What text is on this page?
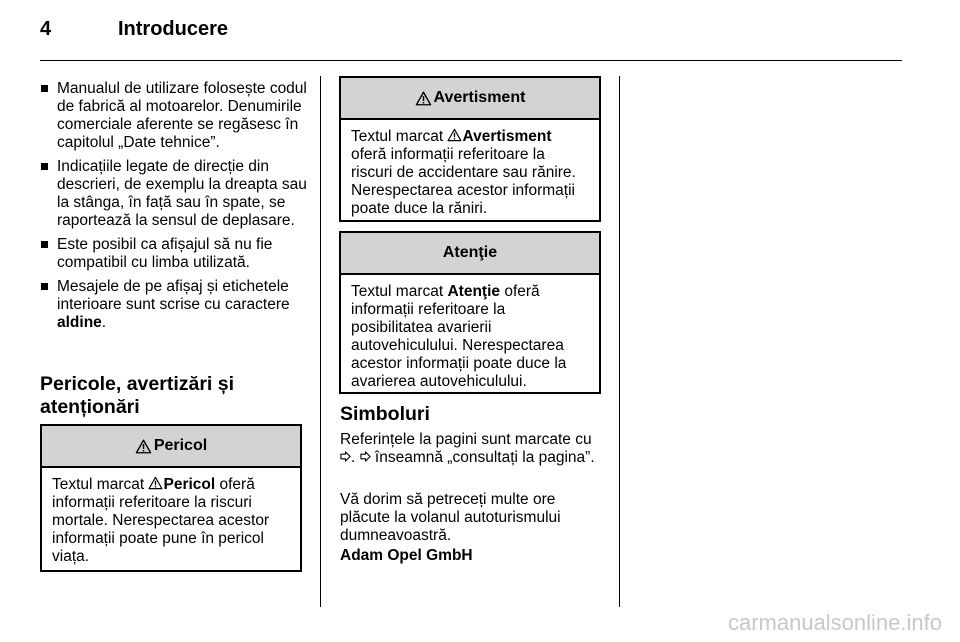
4	Introducere
Manualul de utilizare folosește codul de fabrică al motoarelor. Denumirile comerciale aferente se regăsesc în capitolul „Date tehnice”.
Indicațiile legate de direcție din descrieri, de exemplu la dreapta sau la stânga, în față sau în spate, se raportează la sensul de deplasare.
Este posibil ca afișajul să nu fie compatibil cu limba utilizată.
Mesajele de pe afișaj și etichetele interioare sunt scrise cu caractere aldine.
Pericole, avertizări și atenționări
Pericol
Textul marcat Pericol oferă informații referitoare la riscuri mortale. Nerespectarea acestor informații poate pune în pericol viața.
Avertisment
Textul marcat Avertisment oferă informații referitoare la riscuri de accidentare sau rănire. Nerespectarea acestor informații poate duce la răniri.
Atenţie
Textul marcat Atenţie oferă informații referitoare la posibilitatea avarierii autovehiculului. Nerespectarea acestor informații poate duce la avarierea autovehiculului.
Simboluri

Referințele la pagini sunt marcate cu .  înseamnă „consultați la pagina”.

Vă dorim să petreceți multe ore plăcute la volanul autoturismului dumneavoastră.

Adam Opel GmbH

carmanualsonline.info
